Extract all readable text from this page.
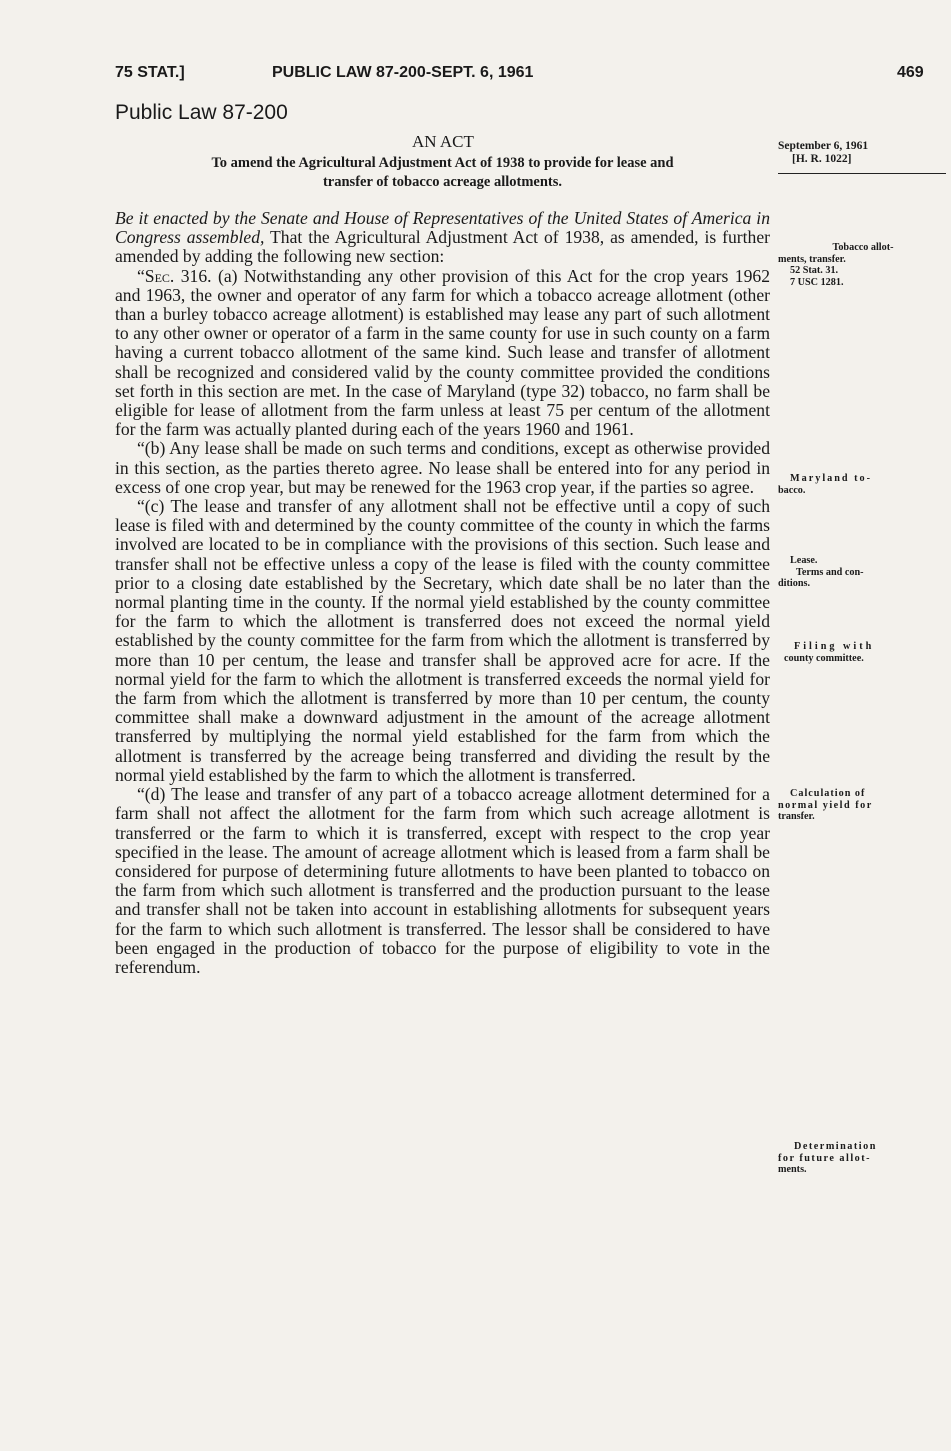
75 STAT.]	PUBLIC LAW 87-200-SEPT. 6, 1961	469
Public Law 87-200
AN ACT
To amend the Agricultural Adjustment Act of 1938 to provide for lease and
transfer of tobacco acreage allotments.
September 6, 1961
[H. R. 1022]

Be it enacted by the Senate and House of Representatives of the United States of America in Congress assembled, That the Agricultural Adjustment Act of 1938, as amended, is further amended by adding the following new section:

“Sec. 316. (a) Notwithstanding any other provision of this Act for the crop years 1962 and 1963, the owner and operator of any farm for which a tobacco acreage allotment (other than a burley tobacco acreage allotment) is established may lease any part of such allotment to any other owner or operator of a farm in the same county for use in such county on a farm having a current tobacco allotment of the same kind. Such lease and transfer of allotment shall be recognized and considered valid by the county committee provided the conditions set forth in this section are met. In the case of Maryland (type 32) tobacco, no farm shall be eligible for lease of allotment from the farm unless at least 75 per centum of the allotment for the farm was actually planted during each of the years 1960 and 1961.

“(b) Any lease shall be made on such terms and conditions, except as otherwise provided in this section, as the parties thereto agree. No lease shall be entered into for any period in excess of one crop year, but may be renewed for the 1963 crop year, if the parties so agree.

“(c) The lease and transfer of any allotment shall not be effective until a copy of such lease is filed with and determined by the county committee of the county in which the farms involved are located to be in compliance with the provisions of this section. Such lease and transfer shall not be effective unless a copy of the lease is filed with the county committee prior to a closing date established by the Secretary, which date shall be no later than the normal planting time in the county. If the normal yield established by the county committee for the farm to which the allotment is transferred does not exceed the normal yield established by the county committee for the farm from which the allotment is transferred by more than 10 per centum, the lease and transfer shall be approved acre for acre. If the normal yield for the farm to which the allotment is transferred exceeds the normal yield for the farm from which the allotment is transferred by more than 10 per centum, the county committee shall make a downward adjustment in the amount of the acreage allotment transferred by multiplying the normal yield established for the farm from which the allotment is transferred by the acreage being transferred and dividing the result by the normal yield established by the farm to which the allotment is transferred.

“(d) The lease and transfer of any part of a tobacco acreage allotment determined for a farm shall not affect the allotment for the farm from which such acreage allotment is transferred or the farm to which it is transferred, except with respect to the crop year specified in the lease. The amount of acreage allotment which is leased from a farm shall be considered for purpose of determining future allotments to have been planted to tobacco on the farm from which such allotment is transferred and the production pursuant to the lease and transfer shall not be taken into account in establishing allotments for subsequent years for the farm to which such allotment is transferred. The lessor shall be considered to have been engaged in the production of tobacco for the purpose of eligibility to vote in the referendum.

Tobacco allot-
ments, transfer.
52 Stat. 31.
7 USC 1281.
Maryland to-
bacco.
Lease.
Terms and con-
ditions.
Filing with
county committee.
Calculation of
normal yield for
transfer.
Determination
for future allot-
ments.
